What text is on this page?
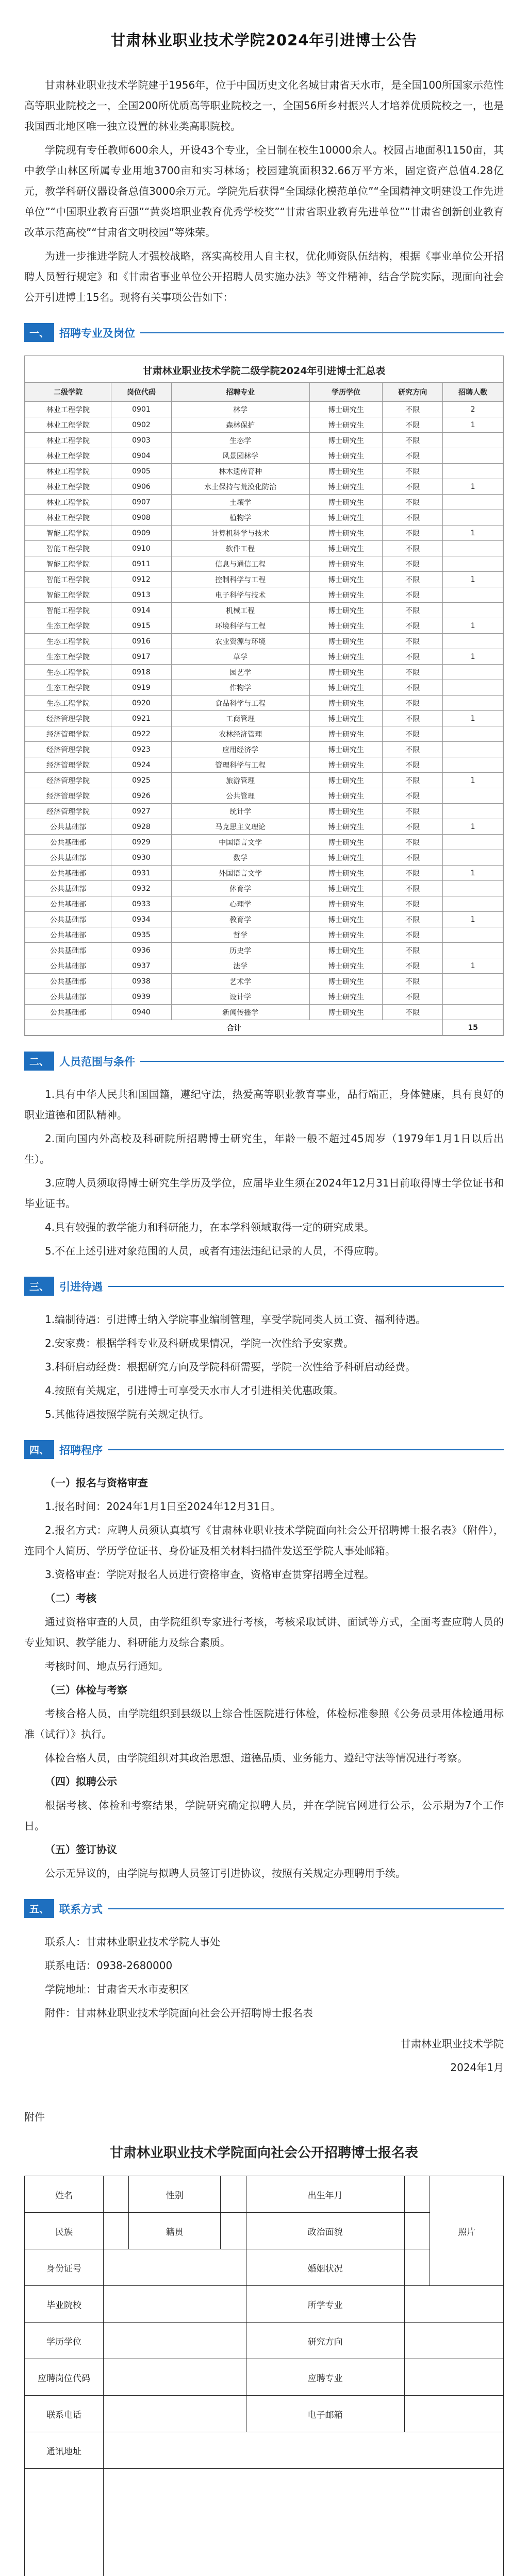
甘肃林业职业技术学院2024年引进博士公告

甘肃林业职业技术学院建于1956年，位于中国历史文化名城甘肃省天水市，是全国100所国家示范性高等职业院校之一，全国200所优质高等职业院校之一，全国56所乡村振兴人才培养优质院校之一，也是我国西北地区唯一独立设置的林业类高职院校。

学院现有专任教师600余人，开设43个专业，全日制在校生10000余人。校园占地面积1150亩，其中教学山林区所属专业用地3700亩和实习林场；校园建筑面积32.66万平方米，固定资产总值4.28亿元，教学科研仪器设备总值3000余万元。学院先后获得“全国绿化模范单位”“全国精神文明建设工作先进单位”“中国职业教育百强”“黄炎培职业教育优秀学校奖”“甘肃省职业教育先进单位”“甘肃省创新创业教育改革示范高校”“甘肃省文明校园”等殊荣。

为进一步推进学院人才强校战略，落实高校用人自主权，优化师资队伍结构，根据《事业单位公开招聘人员暂行规定》和《甘肃省事业单位公开招聘人员实施办法》等文件精神，结合学院实际，现面向社会公开引进博士15名。现将有关事项公告如下：

一、 招聘专业及岗位
甘肃林业职业技术学院二级学院2024年引进博士汇总表
二级学院	岗位代码	招聘专业	学历学位	研究方向	招聘人数
林业工程学院	0901	林学	博士研究生	不限	2
林业工程学院	0902	森林保护	博士研究生	不限	1
林业工程学院	0903	生态学	博士研究生	不限	
林业工程学院	0904	风景园林学	博士研究生	不限	
林业工程学院	0905	林木遗传育种	博士研究生	不限	
林业工程学院	0906	水土保持与荒漠化防治	博士研究生	不限	1
林业工程学院	0907	土壤学	博士研究生	不限	
林业工程学院	0908	植物学	博士研究生	不限	
智能工程学院	0909	计算机科学与技术	博士研究生	不限	1
智能工程学院	0910	软件工程	博士研究生	不限	
智能工程学院	0911	信息与通信工程	博士研究生	不限	
智能工程学院	0912	控制科学与工程	博士研究生	不限	1
智能工程学院	0913	电子科学与技术	博士研究生	不限	
智能工程学院	0914	机械工程	博士研究生	不限	
生态工程学院	0915	环境科学与工程	博士研究生	不限	1
生态工程学院	0916	农业资源与环境	博士研究生	不限	
生态工程学院	0917	草学	博士研究生	不限	1
生态工程学院	0918	园艺学	博士研究生	不限	
生态工程学院	0919	作物学	博士研究生	不限	
生态工程学院	0920	食品科学与工程	博士研究生	不限	
经济管理学院	0921	工商管理	博士研究生	不限	1
经济管理学院	0922	农林经济管理	博士研究生	不限	
经济管理学院	0923	应用经济学	博士研究生	不限	
经济管理学院	0924	管理科学与工程	博士研究生	不限	
经济管理学院	0925	旅游管理	博士研究生	不限	1
经济管理学院	0926	公共管理	博士研究生	不限	
经济管理学院	0927	统计学	博士研究生	不限	
公共基础部	0928	马克思主义理论	博士研究生	不限	1
公共基础部	0929	中国语言文学	博士研究生	不限	
公共基础部	0930	数学	博士研究生	不限	
公共基础部	0931	外国语言文学	博士研究生	不限	1
公共基础部	0932	体育学	博士研究生	不限	
公共基础部	0933	心理学	博士研究生	不限	
公共基础部	0934	教育学	博士研究生	不限	1
公共基础部	0935	哲学	博士研究生	不限	
公共基础部	0936	历史学	博士研究生	不限	
公共基础部	0937	法学	博士研究生	不限	1
公共基础部	0938	艺术学	博士研究生	不限	
公共基础部	0939	设计学	博士研究生	不限	
公共基础部	0940	新闻传播学	博士研究生	不限	
合计					15
二、 人员范围与条件

1.具有中华人民共和国国籍，遵纪守法，热爱高等职业教育事业，品行端正，身体健康，具有良好的职业道德和团队精神。

2.面向国内外高校及科研院所招聘博士研究生，年龄一般不超过45周岁（1979年1月1日以后出生）。

3.应聘人员须取得博士研究生学历及学位，应届毕业生须在2024年12月31日前取得博士学位证书和毕业证书。

4.具有较强的教学能力和科研能力，在本学科领域取得一定的研究成果。

5.不在上述引进对象范围的人员，或者有违法违纪记录的人员，不得应聘。

三、 引进待遇

1.编制待遇：引进博士纳入学院事业编制管理，享受学院同类人员工资、福利待遇。

2.安家费：根据学科专业及科研成果情况，学院一次性给予安家费。

3.科研启动经费：根据研究方向及学院科研需要，学院一次性给予科研启动经费。

4.按照有关规定，引进博士可享受天水市人才引进相关优惠政策。

5.其他待遇按照学院有关规定执行。

四、 招聘程序
（一）报名与资格审查

1.报名时间：2024年1月1日至2024年12月31日。

2.报名方式：应聘人员须认真填写《甘肃林业职业技术学院面向社会公开招聘博士报名表》（附件），连同个人简历、学历学位证书、身份证及相关材料扫描件发送至学院人事处邮箱。

3.资格审查：学院对报名人员进行资格审查，资格审查贯穿招聘全过程。

（二）考核

通过资格审查的人员，由学院组织专家进行考核，考核采取试讲、面试等方式，全面考查应聘人员的专业知识、教学能力、科研能力及综合素质。

考核时间、地点另行通知。

（三）体检与考察

考核合格人员，由学院组织到县级以上综合性医院进行体检，体检标准参照《公务员录用体检通用标准（试行）》执行。

体检合格人员，由学院组织对其政治思想、道德品质、业务能力、遵纪守法等情况进行考察。

（四）拟聘公示

根据考核、体检和考察结果，学院研究确定拟聘人员，并在学院官网进行公示，公示期为7个工作日。

（五）签订协议

公示无异议的，由学院与拟聘人员签订引进协议，按照有关规定办理聘用手续。

五、 联系方式

联系人：甘肃林业职业技术学院人事处

联系电话：0938-2680000

学院地址：甘肃省天水市麦积区

附件：甘肃林业职业技术学院面向社会公开招聘博士报名表

甘肃林业职业技术学院

2024年1月

附件
甘肃林业职业技术学院面向社会公开招聘博士报名表
姓名		性别		出生年月		照片
民族		籍贯		政治面貌		
身份证号				婚姻状况		
毕业院校				所学专业		
学历学位				研究方向		
应聘岗位代码				应聘专业		
联系电话				电子邮箱		
通讯地址						
